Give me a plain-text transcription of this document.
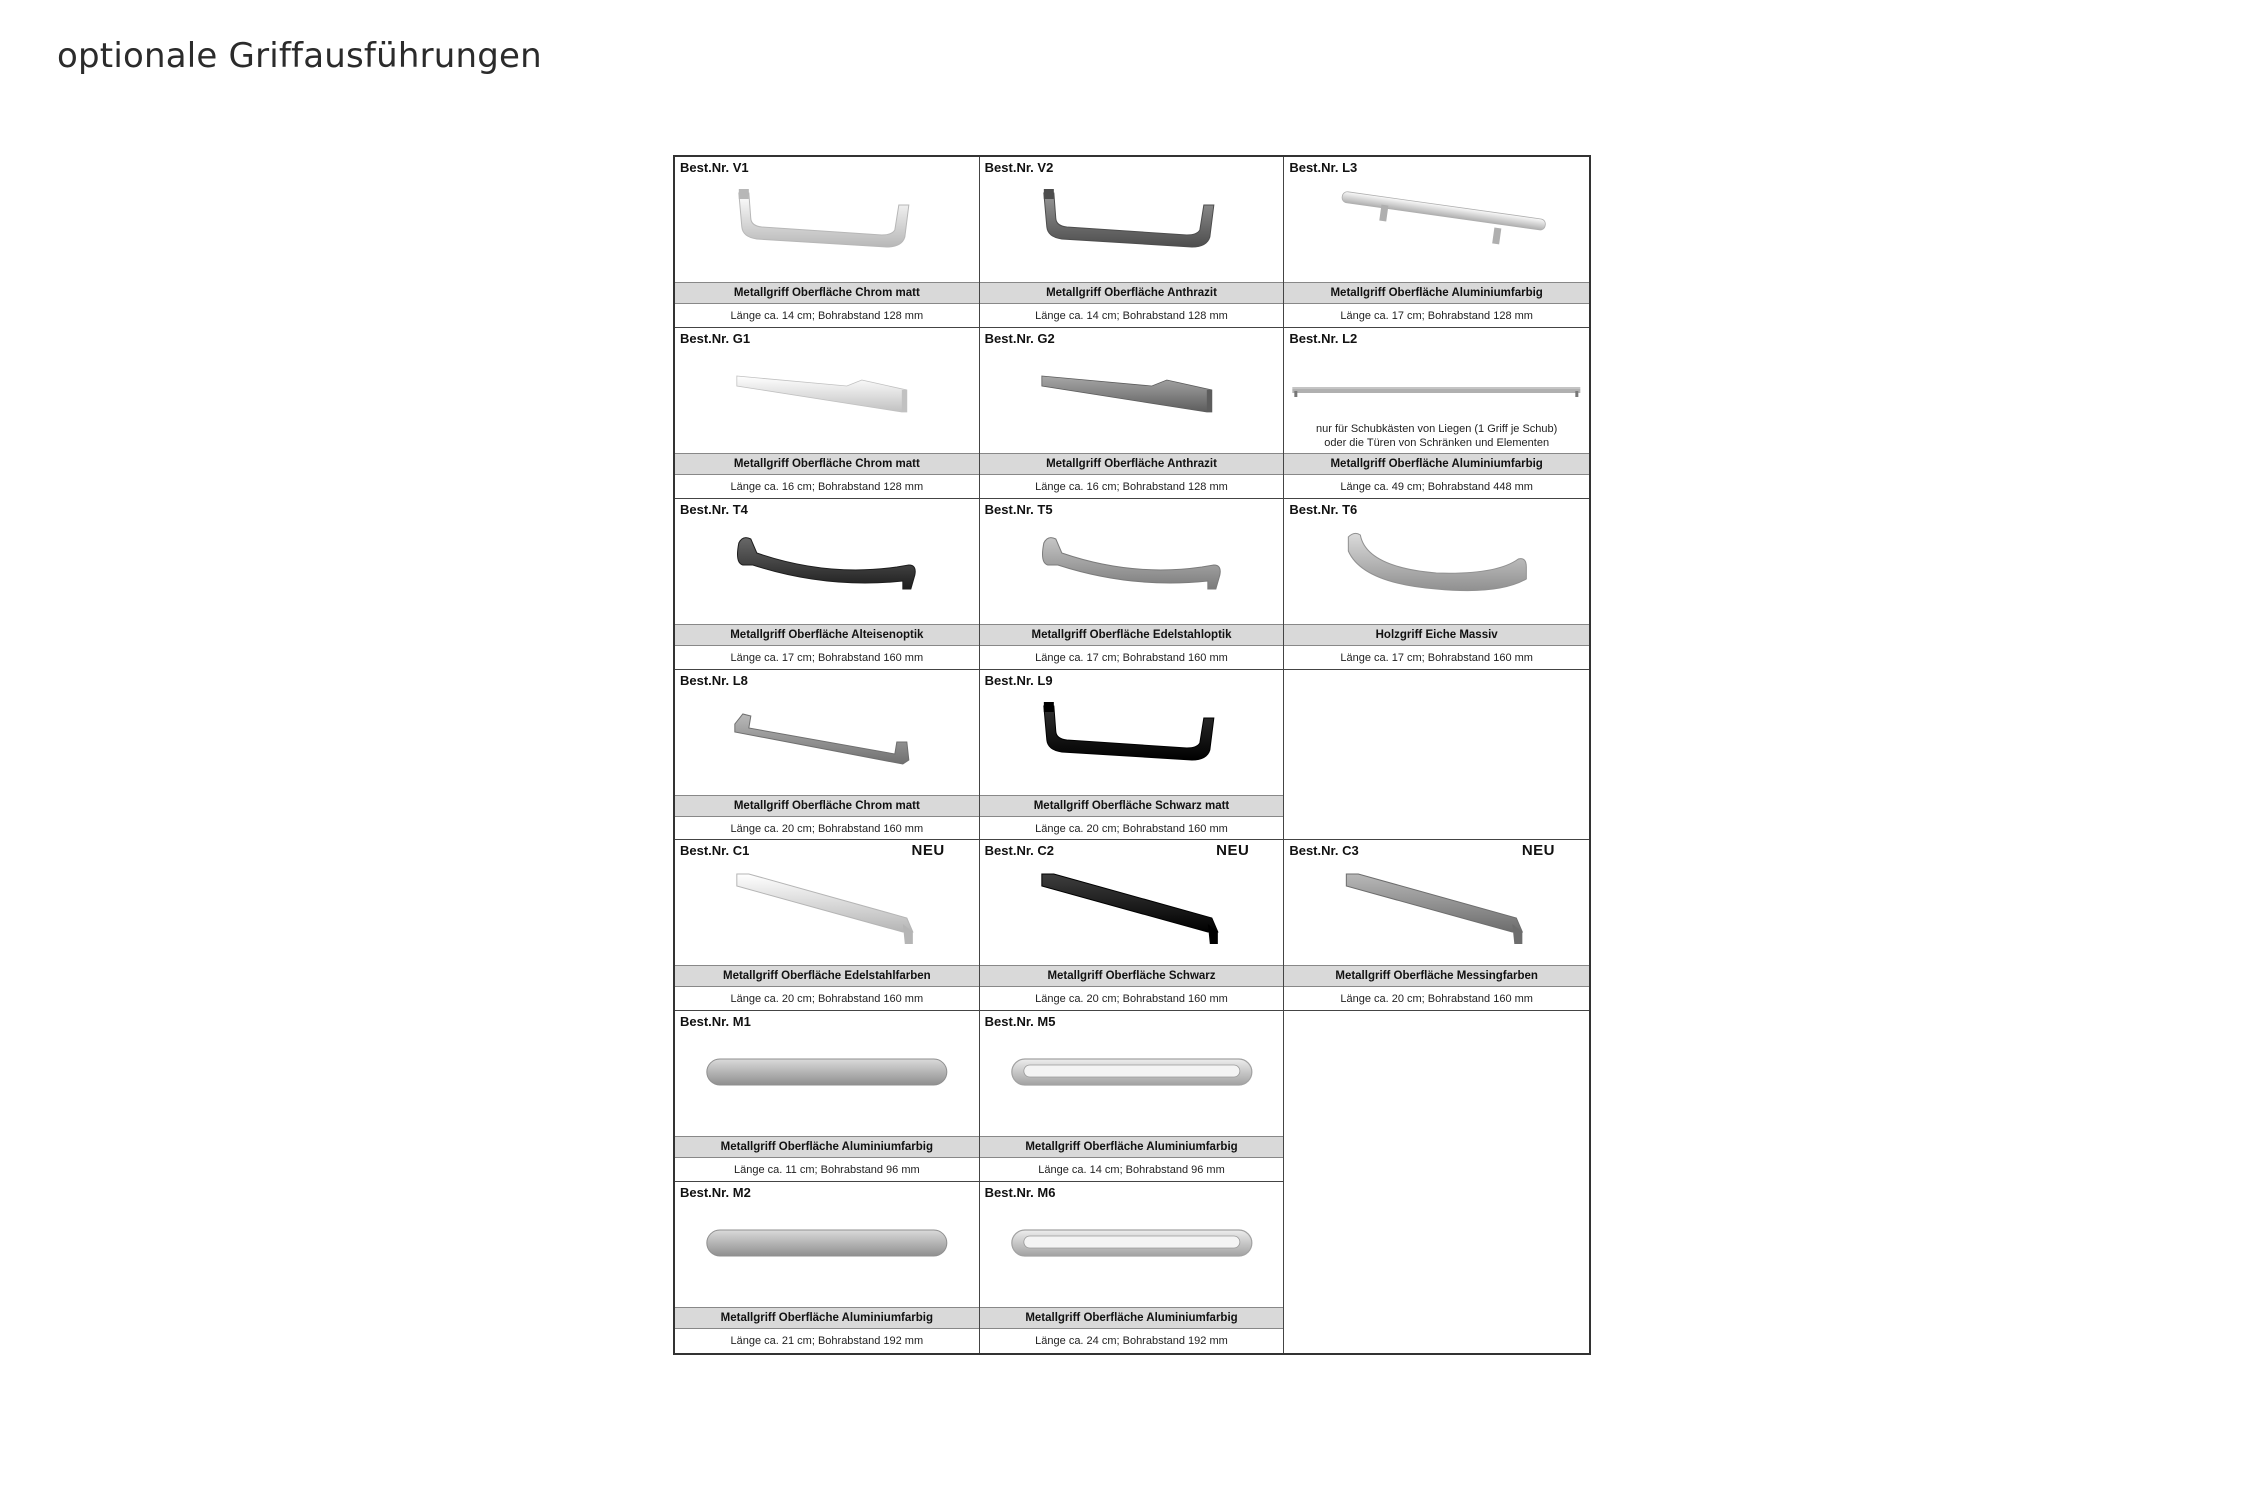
optionale Griffausführungen
Best.Nr. V1
Metallgriff Oberfläche Chrom matt
Länge ca. 14 cm; Bohrabstand 128 mm
Best.Nr. V2
Metallgriff Oberfläche Anthrazit
Länge ca. 14 cm; Bohrabstand 128 mm
Best.Nr. L3
Metallgriff Oberfläche Aluminiumfarbig
Länge ca. 17 cm; Bohrabstand 128 mm
Best.Nr. G1
Metallgriff Oberfläche Chrom matt
Länge ca. 16 cm; Bohrabstand 128 mm
Best.Nr. G2
Metallgriff Oberfläche Anthrazit
Länge ca. 16 cm; Bohrabstand 128 mm
Best.Nr. L2
nur für Schubkästen von Liegen (1 Griff je Schub)
oder die Türen von Schränken und Elementen
Metallgriff Oberfläche Aluminiumfarbig
Länge ca. 49 cm; Bohrabstand 448 mm
Best.Nr. T4
Metallgriff Oberfläche Alteisenoptik
Länge ca. 17 cm; Bohrabstand 160 mm
Best.Nr. T5
Metallgriff Oberfläche Edelstahloptik
Länge ca. 17 cm; Bohrabstand 160 mm
Best.Nr. T6
Holzgriff Eiche Massiv
Länge ca. 17 cm; Bohrabstand 160 mm
Best.Nr. L8
Metallgriff Oberfläche Chrom matt
Länge ca. 20 cm; Bohrabstand 160 mm
Best.Nr. L9
Metallgriff Oberfläche Schwarz matt
Länge ca. 20 cm; Bohrabstand 160 mm
Best.Nr. C1	NEU
Metallgriff Oberfläche Edelstahlfarben
Länge ca. 20 cm; Bohrabstand 160 mm
Best.Nr. C2	NEU
Metallgriff Oberfläche Schwarz
Länge ca. 20 cm; Bohrabstand 160 mm
Best.Nr. C3	NEU
Metallgriff Oberfläche Messingfarben
Länge ca. 20 cm; Bohrabstand 160 mm
Best.Nr. M1
Metallgriff Oberfläche Aluminiumfarbig
Länge ca. 11 cm; Bohrabstand 96 mm
Best.Nr. M5
Metallgriff Oberfläche Aluminiumfarbig
Länge ca. 14 cm; Bohrabstand 96 mm
Best.Nr. M2
Metallgriff Oberfläche Aluminiumfarbig
Länge ca. 21 cm; Bohrabstand 192 mm
Best.Nr. M6
Metallgriff Oberfläche Aluminiumfarbig
Länge ca. 24 cm; Bohrabstand 192 mm
